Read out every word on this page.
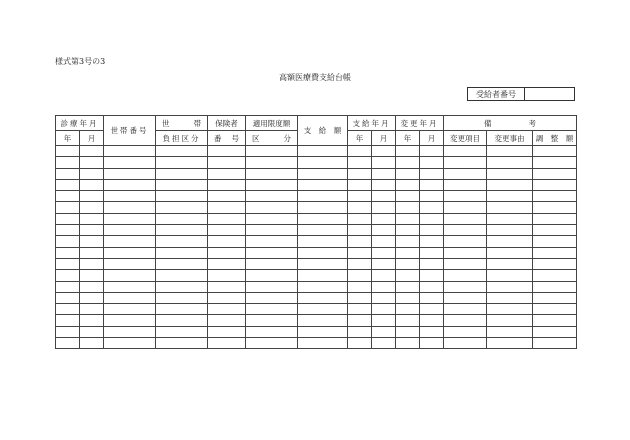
様式第3号の3
高額医療費支給台帳
受給者番号
診療年月		世帯番号	世 帯	保険者	適用限度額	支　給　額	支給年月		変更年月		備 考		

年	月		負担区分	番 号	区 分		年	月	年	月	変更項目	変更事由	調　整　額
